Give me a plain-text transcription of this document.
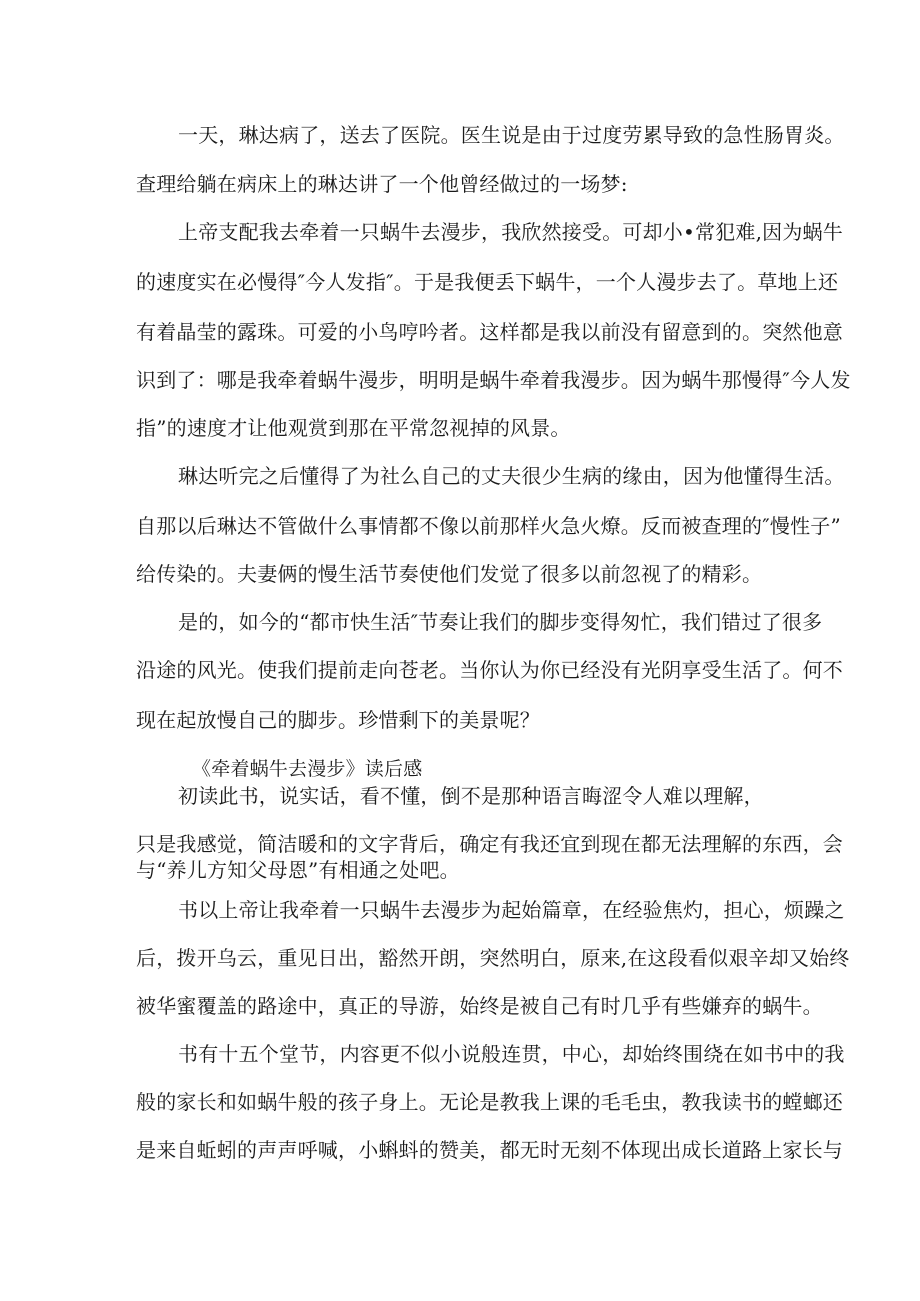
一天，琳达病了，送去了医院。医生说是由于过度劳累导致的急性肠胃炎。
查理给躺在病床上的琳达讲了一个他曾经做过的一场梦:
上帝支配我去牵着一只蜗牛去漫步，我欣然接受。可却小•常犯难,因为蜗牛
的速度实在必慢得″今人发指″。于是我便丢下蜗牛，一个人漫步去了。草地上还
有着晶莹的露珠。可爱的小鸟哼吟者。这样都是我以前没有留意到的。突然他意
识到了：哪是我牵着蜗牛漫步，明明是蜗牛牵着我漫步。因为蜗牛那慢得″今人发
指”的速度才让他观赏到那在平常忽视掉的风景。
琳达听完之后懂得了为社么自己的丈夫很少生病的缘由，因为他懂得生活。
自那以后琳达不管做什么事情都不像以前那样火急火燎。反而被查理的″慢性子”
给传染的。夫妻俩的慢生活节奏使他们发觉了很多以前忽视了的精彩。
是的，如今的“都市快生活″节奏让我们的脚步变得匆忙，我们错过了很多
沿途的风光。使我们提前走向苍老。当你认为你已经没有光阴享受生活了。何不
现在起放慢自己的脚步。珍惜剩下的美景呢？
《牵着蜗牛去漫步》读后感
初读此书，说实话，看不懂，倒不是那种语言晦涩令人难以理解，
只是我感觉，简洁暖和的文字背后，确定有我还宜到现在都无法理解的东西，会
与“养儿方知父母恩”有相通之处吧。
书以上帝让我牵着一只蜗牛去漫步为起始篇章，在经验焦灼，担心，烦躁之
后，拨开乌云，重见日出，豁然开朗，突然明白，原来,在这段看似艰辛却又始终
被华蜜覆盖的路途中，真正的导游，始终是被自己有时几乎有些嫌弃的蜗牛。
书有十五个堂节，内容更不似小说般连贯，中心，却始终围绕在如书中的我
般的家长和如蜗牛般的孩子身上。无论是教我上课的毛毛虫，教我读书的螳螂还
是来自蚯蚓的声声呼喊，小蝌蚪的赞美，都无时无刻不体现出成长道路上家长与
